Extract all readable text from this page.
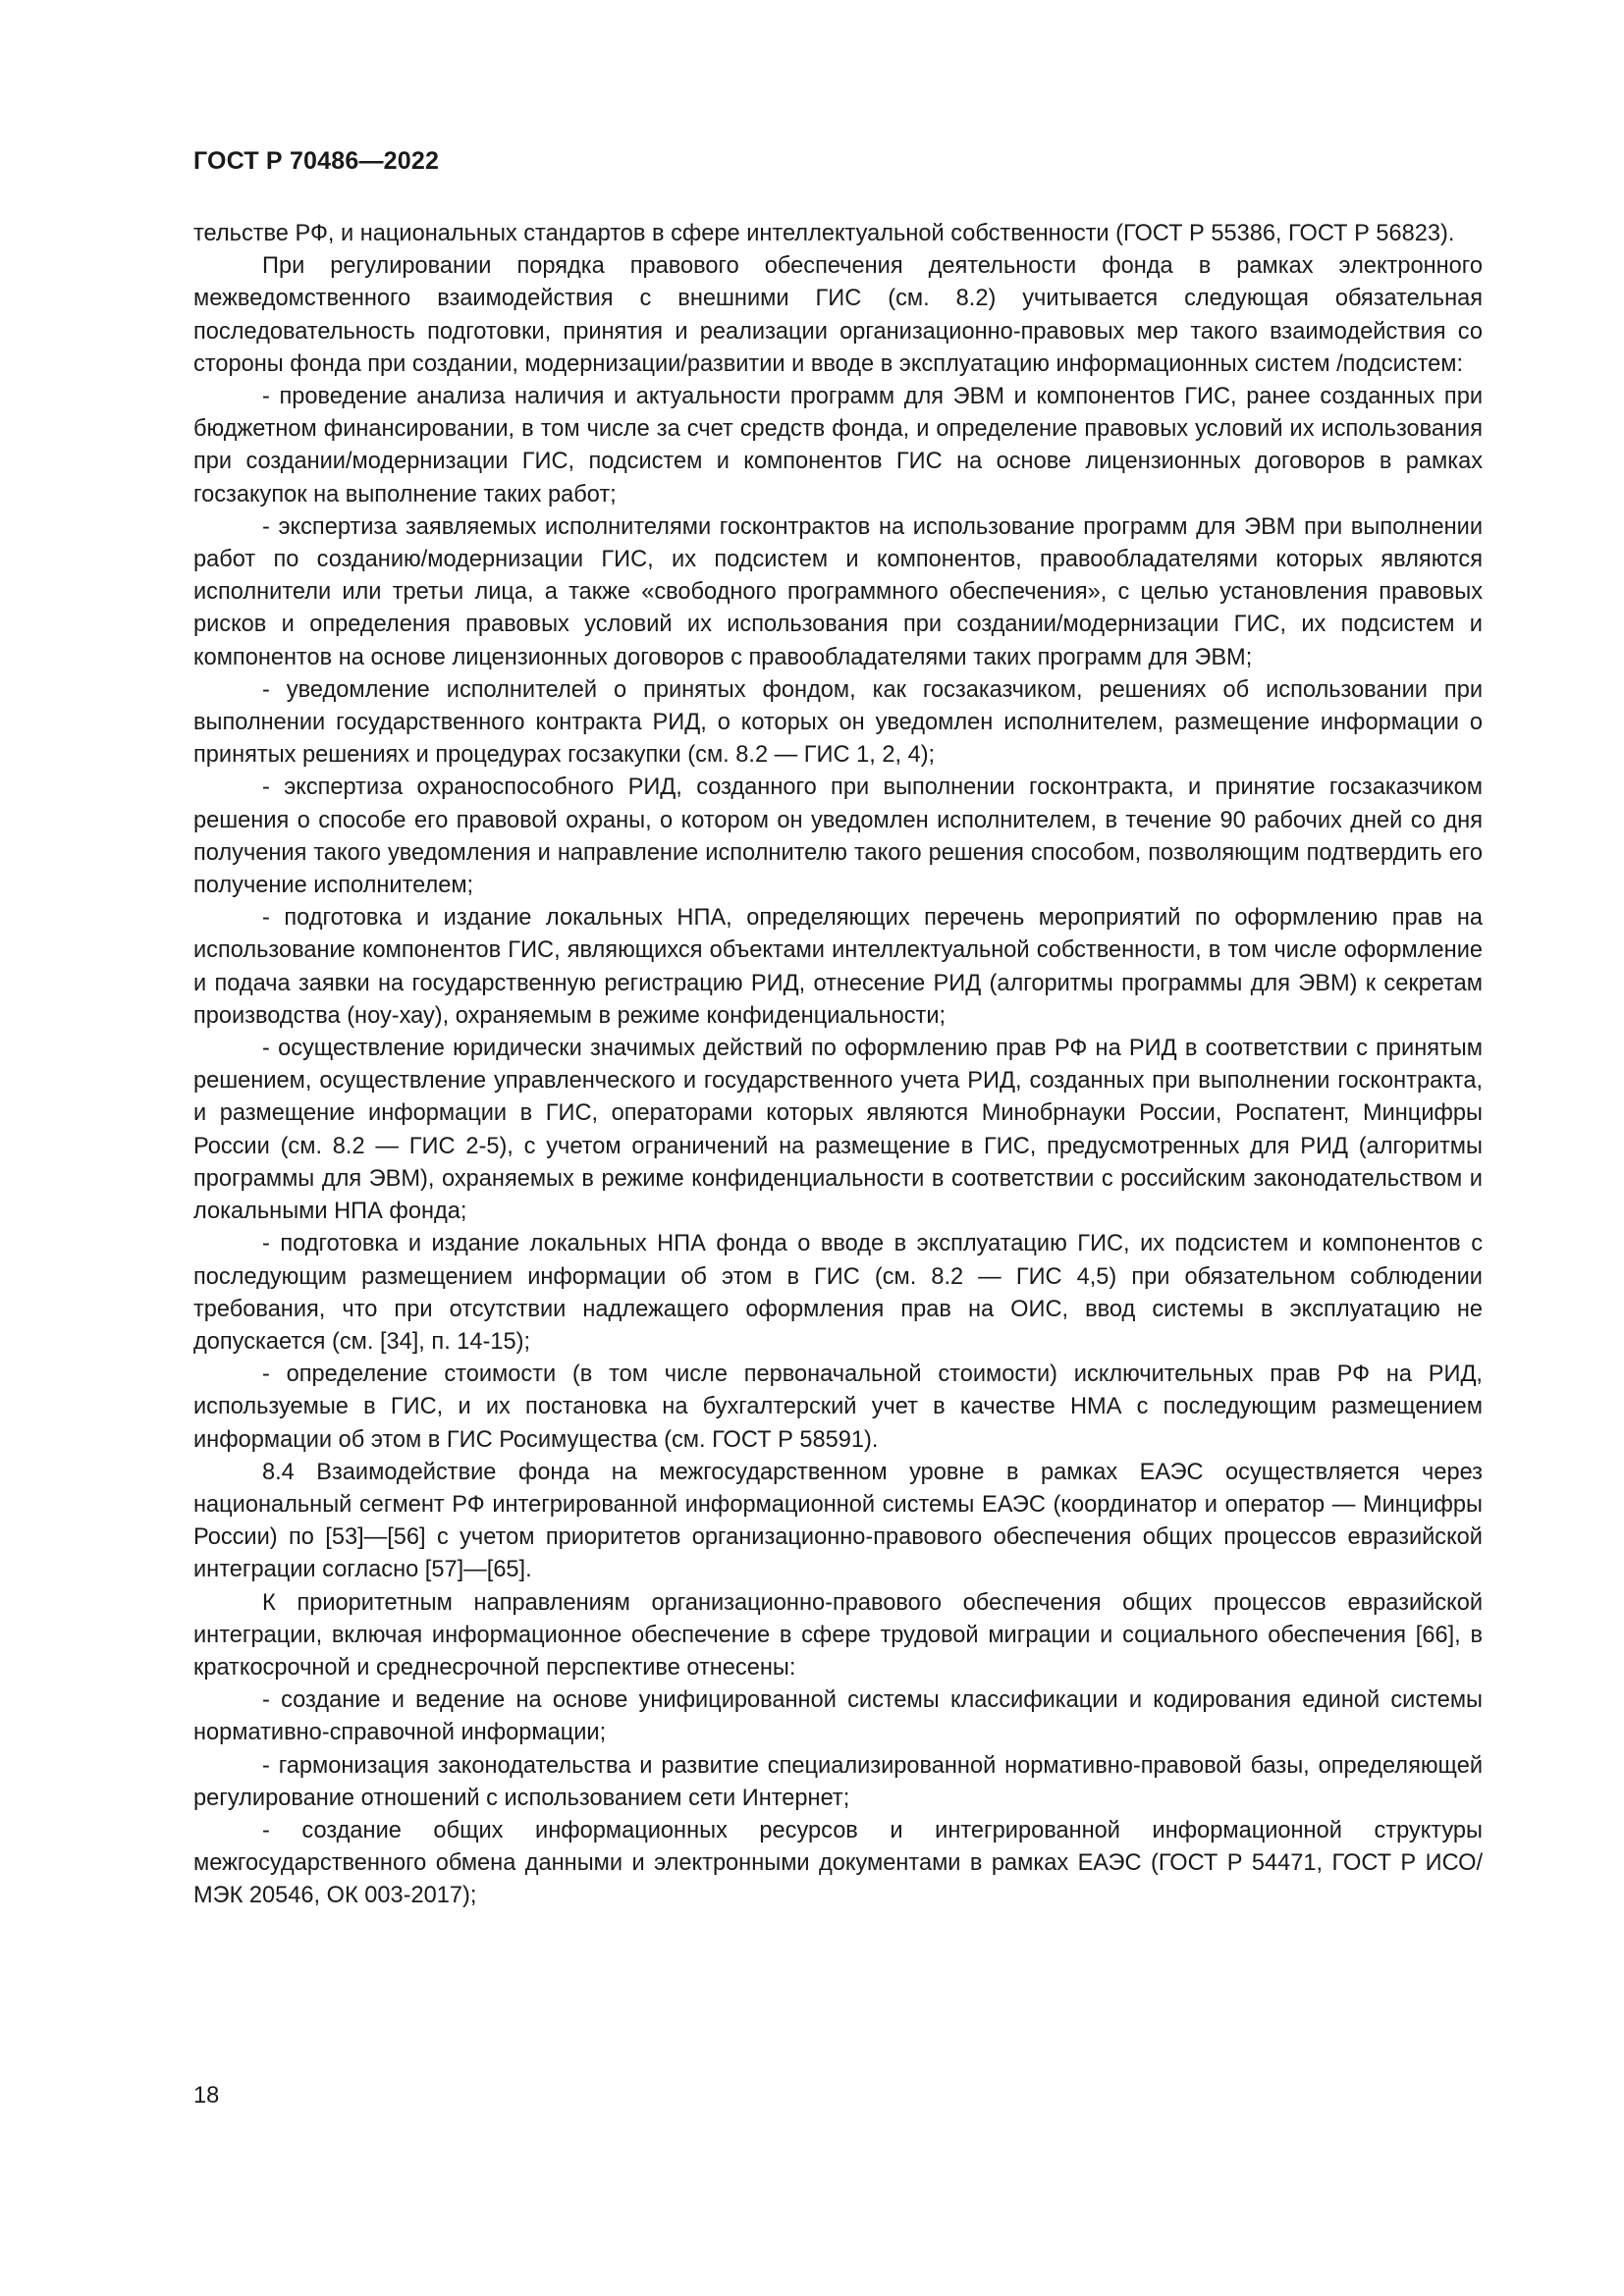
ГОСТ Р 70486—2022

тельстве РФ, и национальных стандартов в сфере интеллектуальной собственности (ГОСТ Р 55386, ГОСТ Р 56823).

При регулировании порядка правового обеспечения деятельности фонда в рамках электронного межведомственного взаимодействия с внешними ГИС (см. 8.2) учитывается следующая обязательная последовательность подготовки, принятия и реализации организационно-правовых мер такого взаимодействия со стороны фонда при создании, модернизации/развитии и вводе в эксплуатацию информационных систем /подсистем:

- проведение анализа наличия и актуальности программ для ЭВМ и компонентов ГИС, ранее созданных при бюджетном финансировании, в том числе за счет средств фонда, и определение правовых условий их использования при создании/модернизации ГИС, подсистем и компонентов ГИС на основе лицензионных договоров в рамках госзакупок на выполнение таких работ;

- экспертиза заявляемых исполнителями госконтрактов на использование программ для ЭВМ при выполнении работ по созданию/модернизации ГИС, их подсистем и компонентов, правообладателями которых являются исполнители или третьи лица, а также «свободного программного обеспечения», с целью установления правовых рисков и определения правовых условий их использования при создании/модернизации ГИС, их подсистем и компонентов на основе лицензионных договоров с правообладателями таких программ для ЭВМ;

- уведомление исполнителей о принятых фондом, как госзаказчиком, решениях об использовании при выполнении государственного контракта РИД, о которых он уведомлен исполнителем, размещение информации о принятых решениях и процедурах госзакупки (см. 8.2 — ГИС 1, 2, 4);

- экспертиза охраноспособного РИД, созданного при выполнении госконтракта, и принятие госзаказчиком решения о способе его правовой охраны, о котором он уведомлен исполнителем, в течение 90 рабочих дней со дня получения такого уведомления и направление исполнителю такого решения способом, позволяющим подтвердить его получение исполнителем;

- подготовка и издание локальных НПА, определяющих перечень мероприятий по оформлению прав на использование компонентов ГИС, являющихся объектами интеллектуальной собственности, в том числе оформление и подача заявки на государственную регистрацию РИД, отнесение РИД (алгоритмы программы для ЭВМ) к секретам производства (ноу-хау), охраняемым в режиме конфиденциальности;

- осуществление юридически значимых действий по оформлению прав РФ на РИД в соответствии с принятым решением, осуществление управленческого и государственного учета РИД, созданных при выполнении госконтракта, и размещение информации в ГИС, операторами которых являются Минобрнауки России, Роспатент, Минцифры России (см. 8.2 — ГИС 2-5), с учетом ограничений на размещение в ГИС, предусмотренных для РИД (алгоритмы программы для ЭВМ), охраняемых в режиме конфиденциальности в соответствии с российским законодательством и локальными НПА фонда;

- подготовка и издание локальных НПА фонда о вводе в эксплуатацию ГИС, их подсистем и компонентов с последующим размещением информации об этом в ГИС (см. 8.2 — ГИС 4,5) при обязательном соблюдении требования, что при отсутствии надлежащего оформления прав на ОИС, ввод системы в эксплуатацию не допускается (см. [34], п. 14-15);

- определение стоимости (в том числе первоначальной стоимости) исключительных прав РФ на РИД, используемые в ГИС, и их постановка на бухгалтерский учет в качестве НМА с последующим размещением информации об этом в ГИС Росимущества (см. ГОСТ Р 58591).

8.4 Взаимодействие фонда на межгосударственном уровне в рамках ЕАЭС осуществляется через национальный сегмент РФ интегрированной информационной системы ЕАЭС (координатор и оператор — Минцифры России) по [53]—[56] с учетом приоритетов организационно-правового обеспечения общих процессов евразийской интеграции согласно [57]—[65].

К приоритетным направлениям организационно-правового обеспечения общих процессов евразийской интеграции, включая информационное обеспечение в сфере трудовой миграции и социального обеспечения [66], в краткосрочной и среднесрочной перспективе отнесены:

- создание и ведение на основе унифицированной системы классификации и кодирования единой системы нормативно-справочной информации;

- гармонизация законодательства и развитие специализированной нормативно-правовой базы, определяющей регулирование отношений с использованием сети Интернет;

- создание общих информационных ресурсов и интегрированной информационной структуры межгосударственного обмена данными и электронными документами в рамках ЕАЭС (ГОСТ Р 54471, ГОСТ Р ИСО/МЭК 20546, ОК 003-2017);

18
